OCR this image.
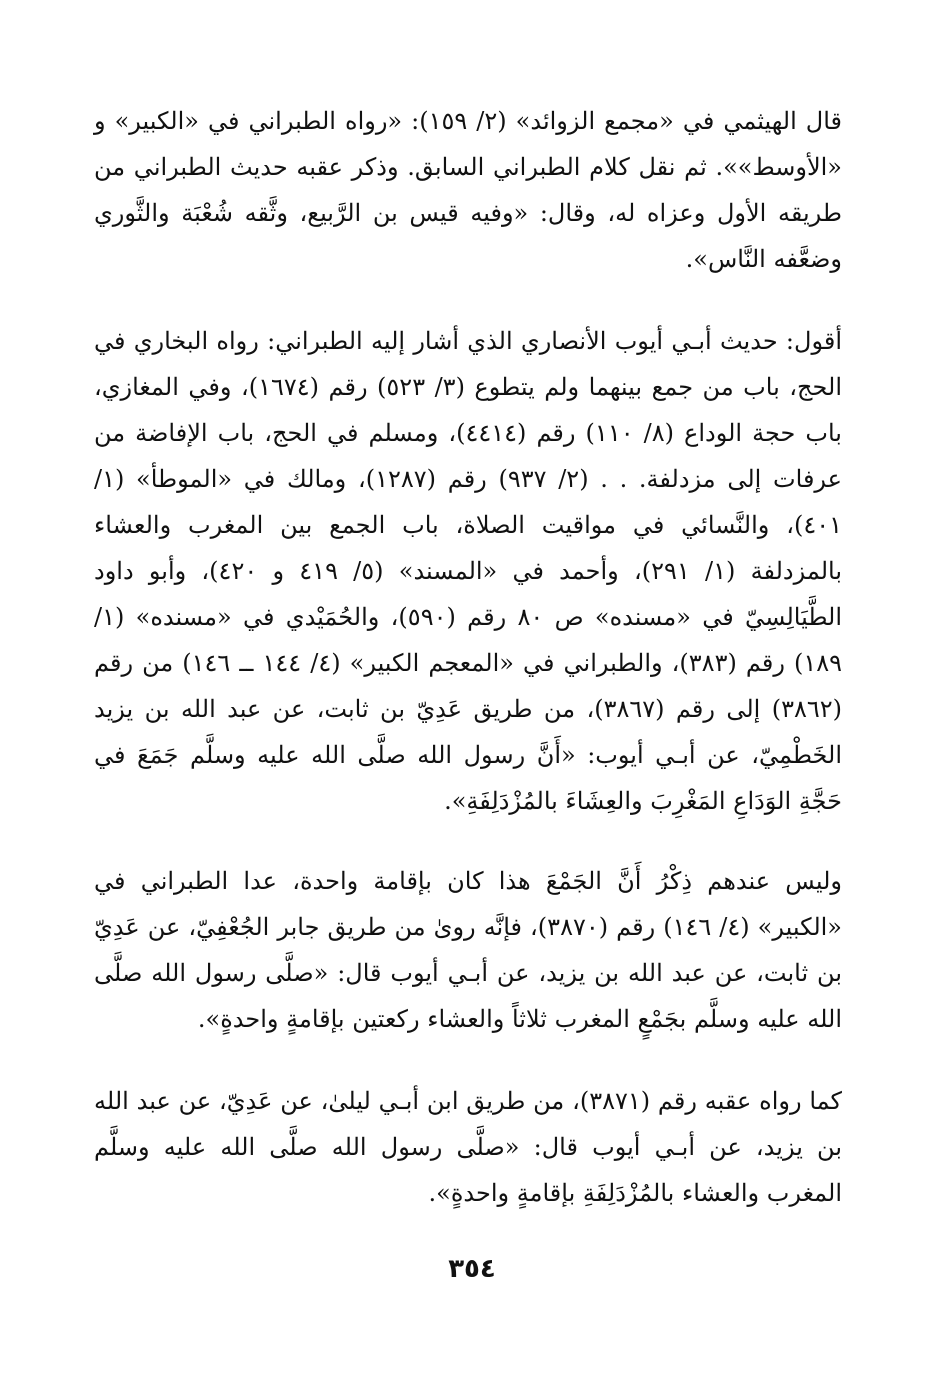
قال الهيثمي في «مجمع الزوائد» (٢/ ١٥٩): «رواه الطبراني في «الكبير» و «الأوسط»». ثم نقل كلام الطبراني السابق. وذكر عقبه حديث الطبراني من طريقه الأول وعزاه له، وقال: «وفيه قيس بن الرَّبيع، وثَّقه شُعْبَة والثَّوري وضعَّفه النَّاس».

أقول: حديث أبـي أيوب الأنصاري الذي أشار إليه الطبراني: رواه البخاري في الحج، باب من جمع بينهما ولم يتطوع (٣/ ٥٢٣) رقم (١٦٧٤)، وفي المغازي، باب حجة الوداع (٨/ ١١٠) رقم (٤٤١٤)، ومسلم في الحج، باب الإفاضة من عرفات إلى مزدلفة. . . (٢/ ٩٣٧) رقم (١٢٨٧)، ومالك في «الموطأ» (١/ ٤٠١)، والنَّسائي في مواقيت الصلاة، باب الجمع بين المغرب والعشاء بالمزدلفة (١/ ٢٩١)، وأحمد في «المسند» (٥/ ٤١٩ و ٤٢٠)، وأبو داود الطَّيَالِسِيّ في «مسنده» ص ٨٠ رقم (٥٩٠)، والحُمَيْدي في «مسنده» (١/ ١٨٩) رقم (٣٨٣)، والطبراني في «المعجم الكبير» (٤/ ١٤٤ ــ ١٤٦) من رقم (٣٨٦٢) إلى رقم (٣٨٦٧)، من طريق عَدِيّ بن ثابت، عن عبد الله بن يزيد الخَطْمِيّ، عن أبـي أيوب: «أَنَّ رسول الله صلَّى الله عليه وسلَّم جَمَعَ في حَجَّةِ الوَدَاعِ المَغْرِبَ والعِشَاءَ بالمُزْدَلِفَةِ».

وليس عندهم ذِكْرُ أَنَّ الجَمْعَ هذا كان بإقامة واحدة، عدا الطبراني في «الكبير» (٤/ ١٤٦) رقم (٣٨٧٠)، فإنَّه روىٰ من طريق جابر الجُعْفِيّ، عن عَدِيّ بن ثابت، عن عبد الله بن يزيد، عن أبـي أيوب قال: «صلَّى رسول الله صلَّى الله عليه وسلَّم بجَمْعٍ المغرب ثلاثاً والعشاء ركعتين بإقامةٍ واحدةٍ».

كما رواه عقبه رقم (٣٨٧١)، من طريق ابن أبـي ليلىٰ، عن عَدِيّ، عن عبد الله بن يزيد، عن أبـي أيوب قال: «صلَّى رسول الله صلَّى الله عليه وسلَّم المغرب والعشاء بالمُزْدَلِفَةِ بإقامةٍ واحدةٍ».

٣٥٤
